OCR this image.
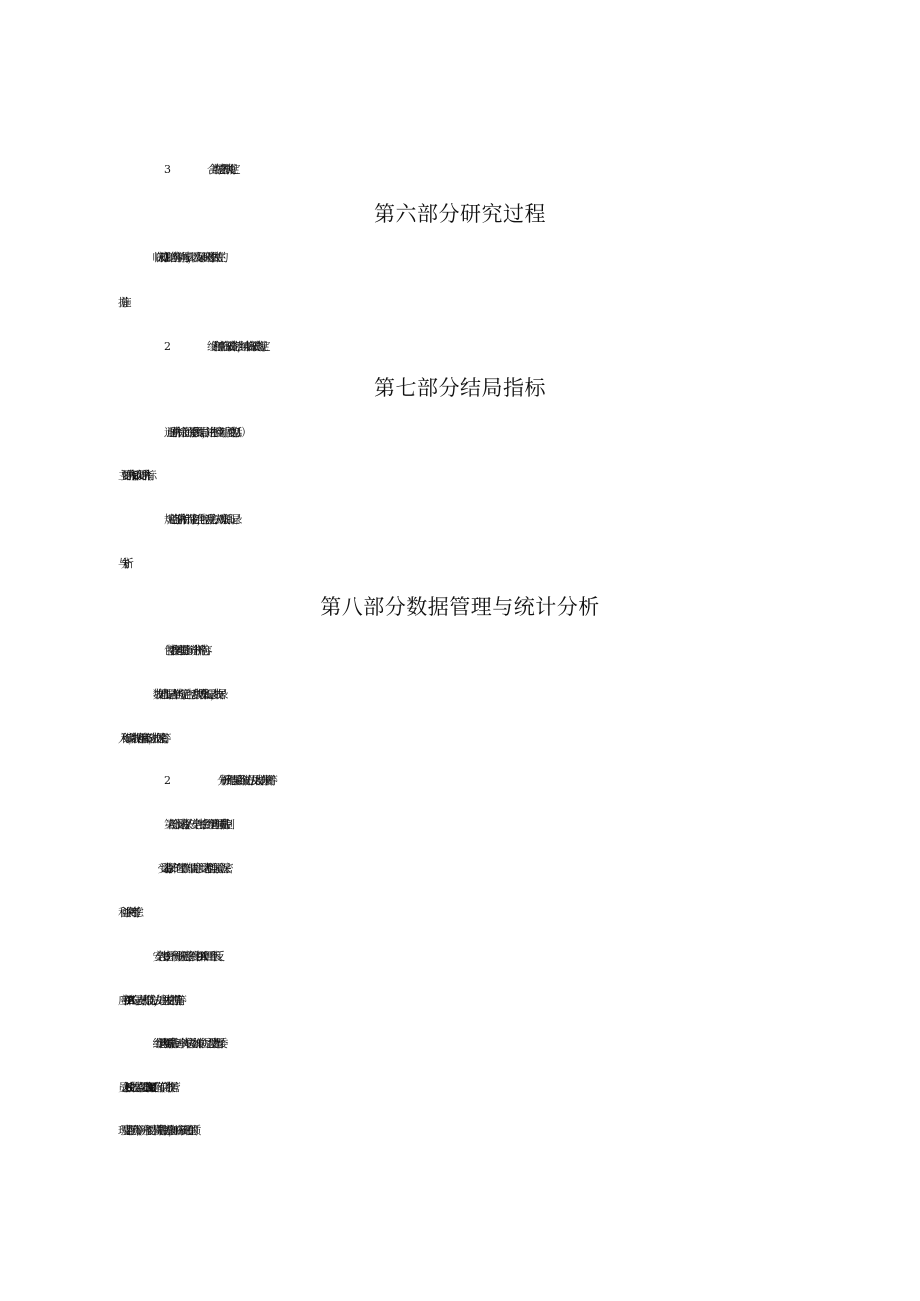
.合并与禁忌药相关规定。

第六部分研究过程

1 .临床观察、随访内容时间与步骤，以及保证研究对象依从性的

措施。

.终止和停止临床试验的标准，结束临床试验的规定。

第七部分结局指标

通过评价指标之间的关系预测结局，并进行相应判断。主要包括⑴

主要评价指标；（2）次要评价指标。

规定的各评价指标的评定标准，包括评定方法、观察时间、记录

与分析。

第八部分数据管理与统计分析

包括数据管理措施、统计分析等内容。

1 .数据处理与记录存档的规定。包括：数据收集和记录，数据录

入和编辑，数据存储和备份，数据保密等。

.分析研究结果采用的统计方法及人群划分原则等。

第九部分受试者保护、安全性考虑、组织管理与质量控制

1.受试者保护：伦理审查、知情同意、受试者利益与风险、保密、

利益冲突等考虑。

3 .安全性考虑：干预性研究需考虑不良事件（AE）和严重不良反

应事件（SAE）的记录方式和报告方法，处理并发症的措施等。

4 .组织管理与质量控制：牵头单位及参加单位、是否设置指导委

员会（SC）、独立数据监查委员会（IDMC）、是否有有专门的数据管

理及监查团队等；研究主要环节质量控制措施，如临床研究过程的质
